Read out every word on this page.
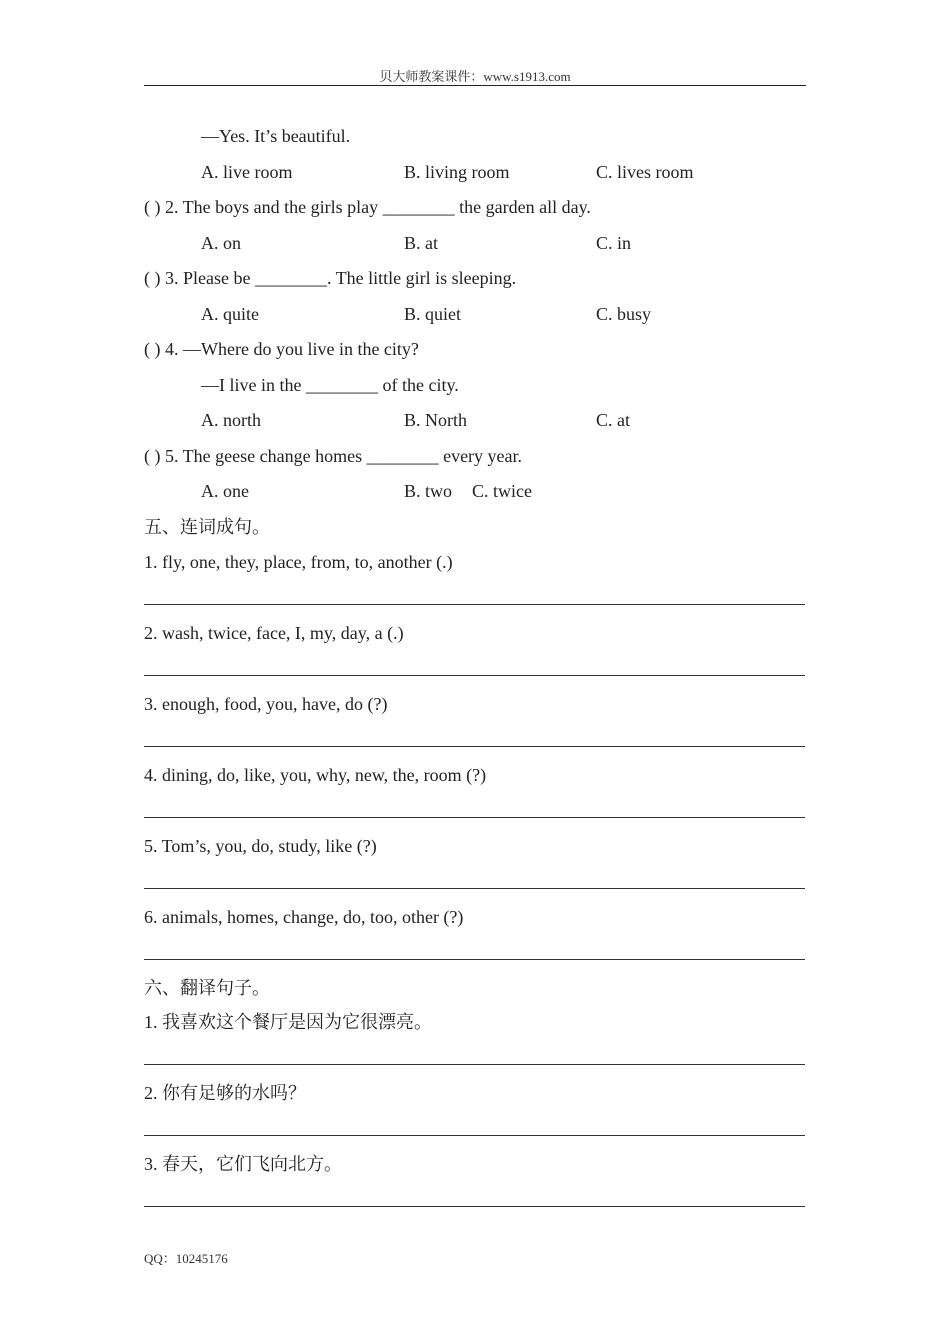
贝大师教案课件：www.s1913.com
—Yes. It’s beautiful.
A. live room	B. living room	C. lives room
( ) 2. The boys and the girls play ________ the garden all day.
A. on	B. at	C. in
( ) 3. Please be ________. The little girl is sleeping.
A. quite	B. quiet	C. busy
( ) 4. —Where do you live in the city?
—I live in the ________ of the city.
A. north	B. North	C. at
( ) 5. The geese change homes ________ every year.
A. one	B. two C. twice
五、连词成句。
1. fly, one, they, place, from, to, another (.)
2. wash, twice, face, I, my, day, a (.)
3. enough, food, you, have, do (?)
4. dining, do, like, you, why, new, the, room (?)
5. Tom’s, you, do, study, like (?)
6. animals, homes, change, do, too, other (?)
六、翻译句子。
1. 我喜欢这个餐厅是因为它很漂亮。
2. 你有足够的水吗？
3. 春天，它们飞向北方。
QQ：10245176
